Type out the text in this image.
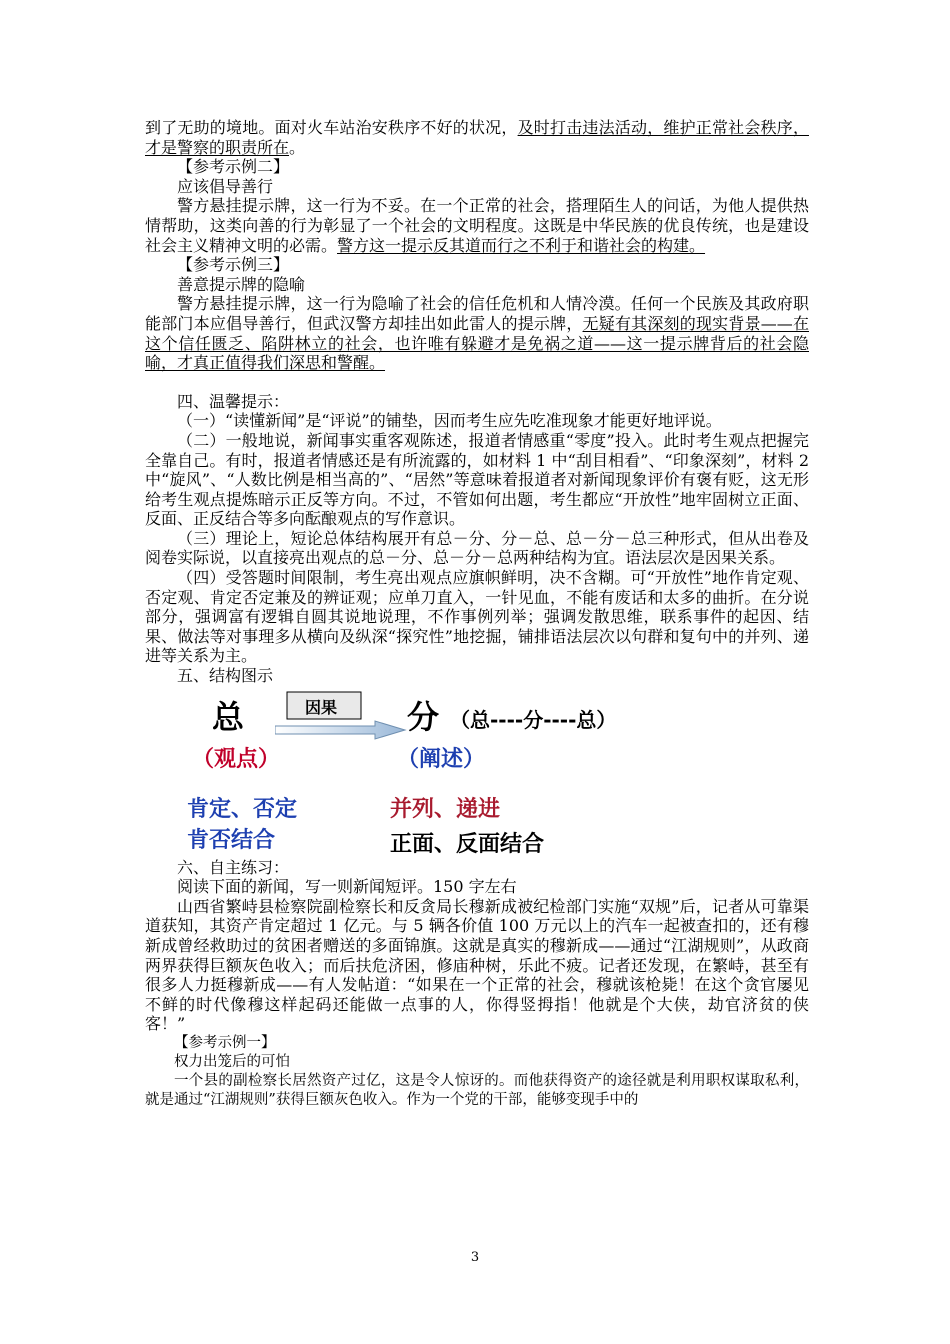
到了无助的境地。面对火车站治安秩序不好的状况，及时打击违法活动，维护正常社会秩序，才是警察的职责所在。

【参考示例二】

应该倡导善行

警方悬挂提示牌，这一行为不妥。在一个正常的社会，搭理陌生人的问话，为他人提供热情帮助，这类向善的行为彰显了一个社会的文明程度。这既是中华民族的优良传统，也是建设社会主义精神文明的必需。警方这一提示反其道而行之不利于和谐社会的构建。

【参考示例三】

善意提示牌的隐喻

警方悬挂提示牌，这一行为隐喻了社会的信任危机和人情冷漠。任何一个民族及其政府职能部门本应倡导善行，但武汉警方却挂出如此雷人的提示牌，无疑有其深刻的现实背景——在这个信任匮乏、陷阱林立的社会，也许唯有躲避才是免祸之道——这一提示牌背后的社会隐喻，才真正值得我们深思和警醒。

四、温馨提示：

（一）“读懂新闻”是“评说”的铺垫，因而考生应先吃准现象才能更好地评说。

（二）一般地说，新闻事实重客观陈述，报道者情感重“零度”投入。此时考生观点把握完全靠自己。有时，报道者情感还是有所流露的，如材料 1 中“刮目相看”、“印象深刻”，材料 2 中“旋风”、“人数比例是相当高的”、“居然”等意味着报道者对新闻现象评价有褒有贬，这无形给考生观点提炼暗示正反等方向。不过，不管如何出题，考生都应“开放性”地牢固树立正面、反面、正反结合等多向酝酿观点的写作意识。

（三）理论上，短论总体结构展开有总－分、分－总、总－分－总三种形式，但从出卷及阅卷实际说，以直接亮出观点的总－分、总－分－总两种结构为宜。语法层次是因果关系。

（四）受答题时间限制，考生亮出观点应旗帜鲜明，决不含糊。可“开放性”地作肯定观、否定观、肯定否定兼及的辨证观；应单刀直入，一针见血，不能有废话和太多的曲折。在分说部分，强调富有逻辑自圆其说地说理，不作事例列举；强调发散思维，联系事件的起因、结果、做法等对事理多从横向及纵深“探究性”地挖掘，铺排语法层次以句群和复句中的并列、递进等关系为主。

五、结构图示

因果
总	分 （总----分----总）
（观点）	（阐述）
肯定、否定
肯否结合
并列、递进
正面、反面结合

六、自主练习：

阅读下面的新闻，写一则新闻短评。150 字左右

山西省繁峙县检察院副检察长和反贪局长穆新成被纪检部门实施“双规”后，记者从可靠渠道获知，其资产肯定超过 1 亿元。与 5 辆各价值 100 万元以上的汽车一起被查扣的，还有穆新成曾经救助过的贫困者赠送的多面锦旗。这就是真实的穆新成——通过“江湖规则”，从政商两界获得巨额灰色收入；而后扶危济困，修庙种树，乐此不疲。记者还发现，在繁峙，甚至有很多人力挺穆新成——有人发帖道：“如果在一个正常的社会，穆就该枪毙！在这个贪官屡见不鲜的时代像穆这样起码还能做一点事的人，你得竖拇指！他就是个大侠，劫官济贫的侠客！”

【参考示例一】

权力出笼后的可怕

一个县的副检察长居然资产过亿，这是令人惊讶的。而他获得资产的途径就是利用职权谋取私利，就是通过“江湖规则”获得巨额灰色收入。作为一个党的干部，能够变现手中的

3
